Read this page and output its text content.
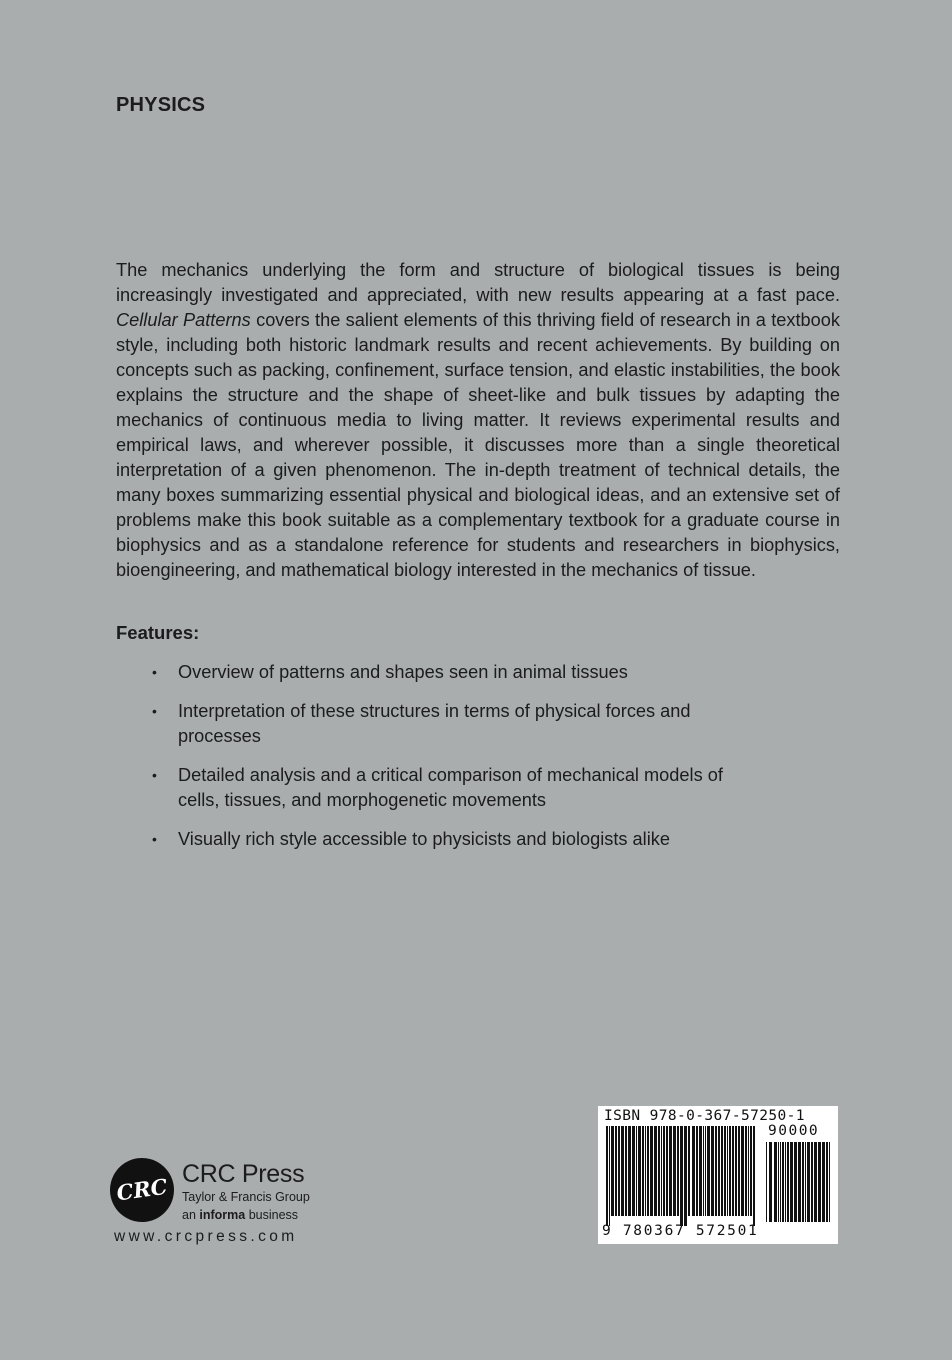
PHYSICS

The mechanics underlying the form and structure of biological tissues is being increasingly investigated and appreciated, with new results appearing at a fast pace. Cellular Patterns covers the salient elements of this thriving field of research in a textbook style, including both historic landmark results and recent achievements. By building on concepts such as packing, confinement, surface tension, and elastic instabilities, the book explains the structure and the shape of sheet-like and bulk tissues by adapting the mechanics of continuous media to living matter. It reviews experimental results and empirical laws, and wherever possible, it discusses more than a single theoretical interpretation of a given phenomenon. The in-depth treatment of technical details, the many boxes summarizing essential physical and biological ideas, and an extensive set of problems make this book suitable as a complementary textbook for a graduate course in biophysics and as a standalone reference for students and researchers in biophysics, bioengineering, and mathematical biology interested in the mechanics of tissue.

Features:
• Overview of patterns and shapes seen in animal tissues
• Interpretation of these structures in terms of physical forces and processes
• Detailed analysis and a critical comparison of mechanical models of cells, tissues, and morphogenetic movements
• Visually rich style accessible to physicists and biologists alike
CRC CRC Press
Taylor & Francis Group
an informa business
www.crcpress.com
ISBN 978-0-367-57250-1
90000
9 780367 572501
